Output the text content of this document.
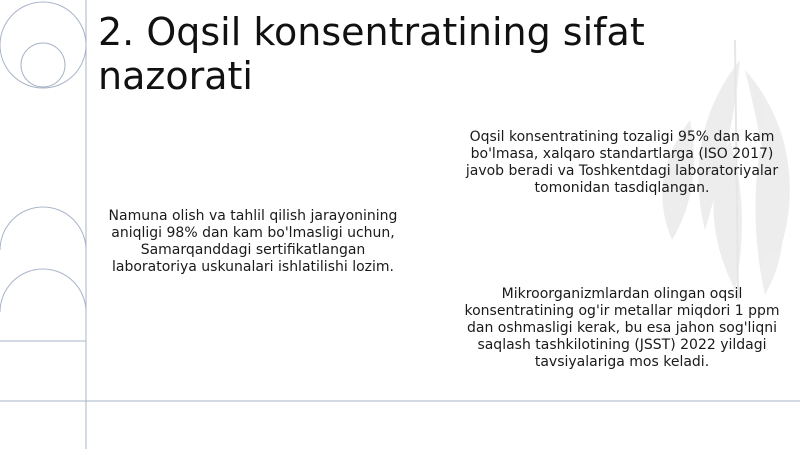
2. Oqsil konsentratining sifat nazorati

Namuna olish va tahlil qilish jarayonining aniqligi 98% dan kam bo'lmasligi uchun, Samarqanddagi sertifikatlangan laboratoriya uskunalari ishlatilishi lozim.

Oqsil konsentratining tozaligi 95% dan kam bo'lmasa, xalqaro standartlarga (ISO 2017) javob beradi va Toshkentdagi laboratoriyalar tomonidan tasdiqlangan.

Mikroorganizmlardan olingan oqsil konsentratining og'ir metallar miqdori 1 ppm dan oshmasligi kerak, bu esa jahon sog'liqni saqlash tashkilotining (JSST) 2022 yildagi tavsiyalariga mos keladi.
